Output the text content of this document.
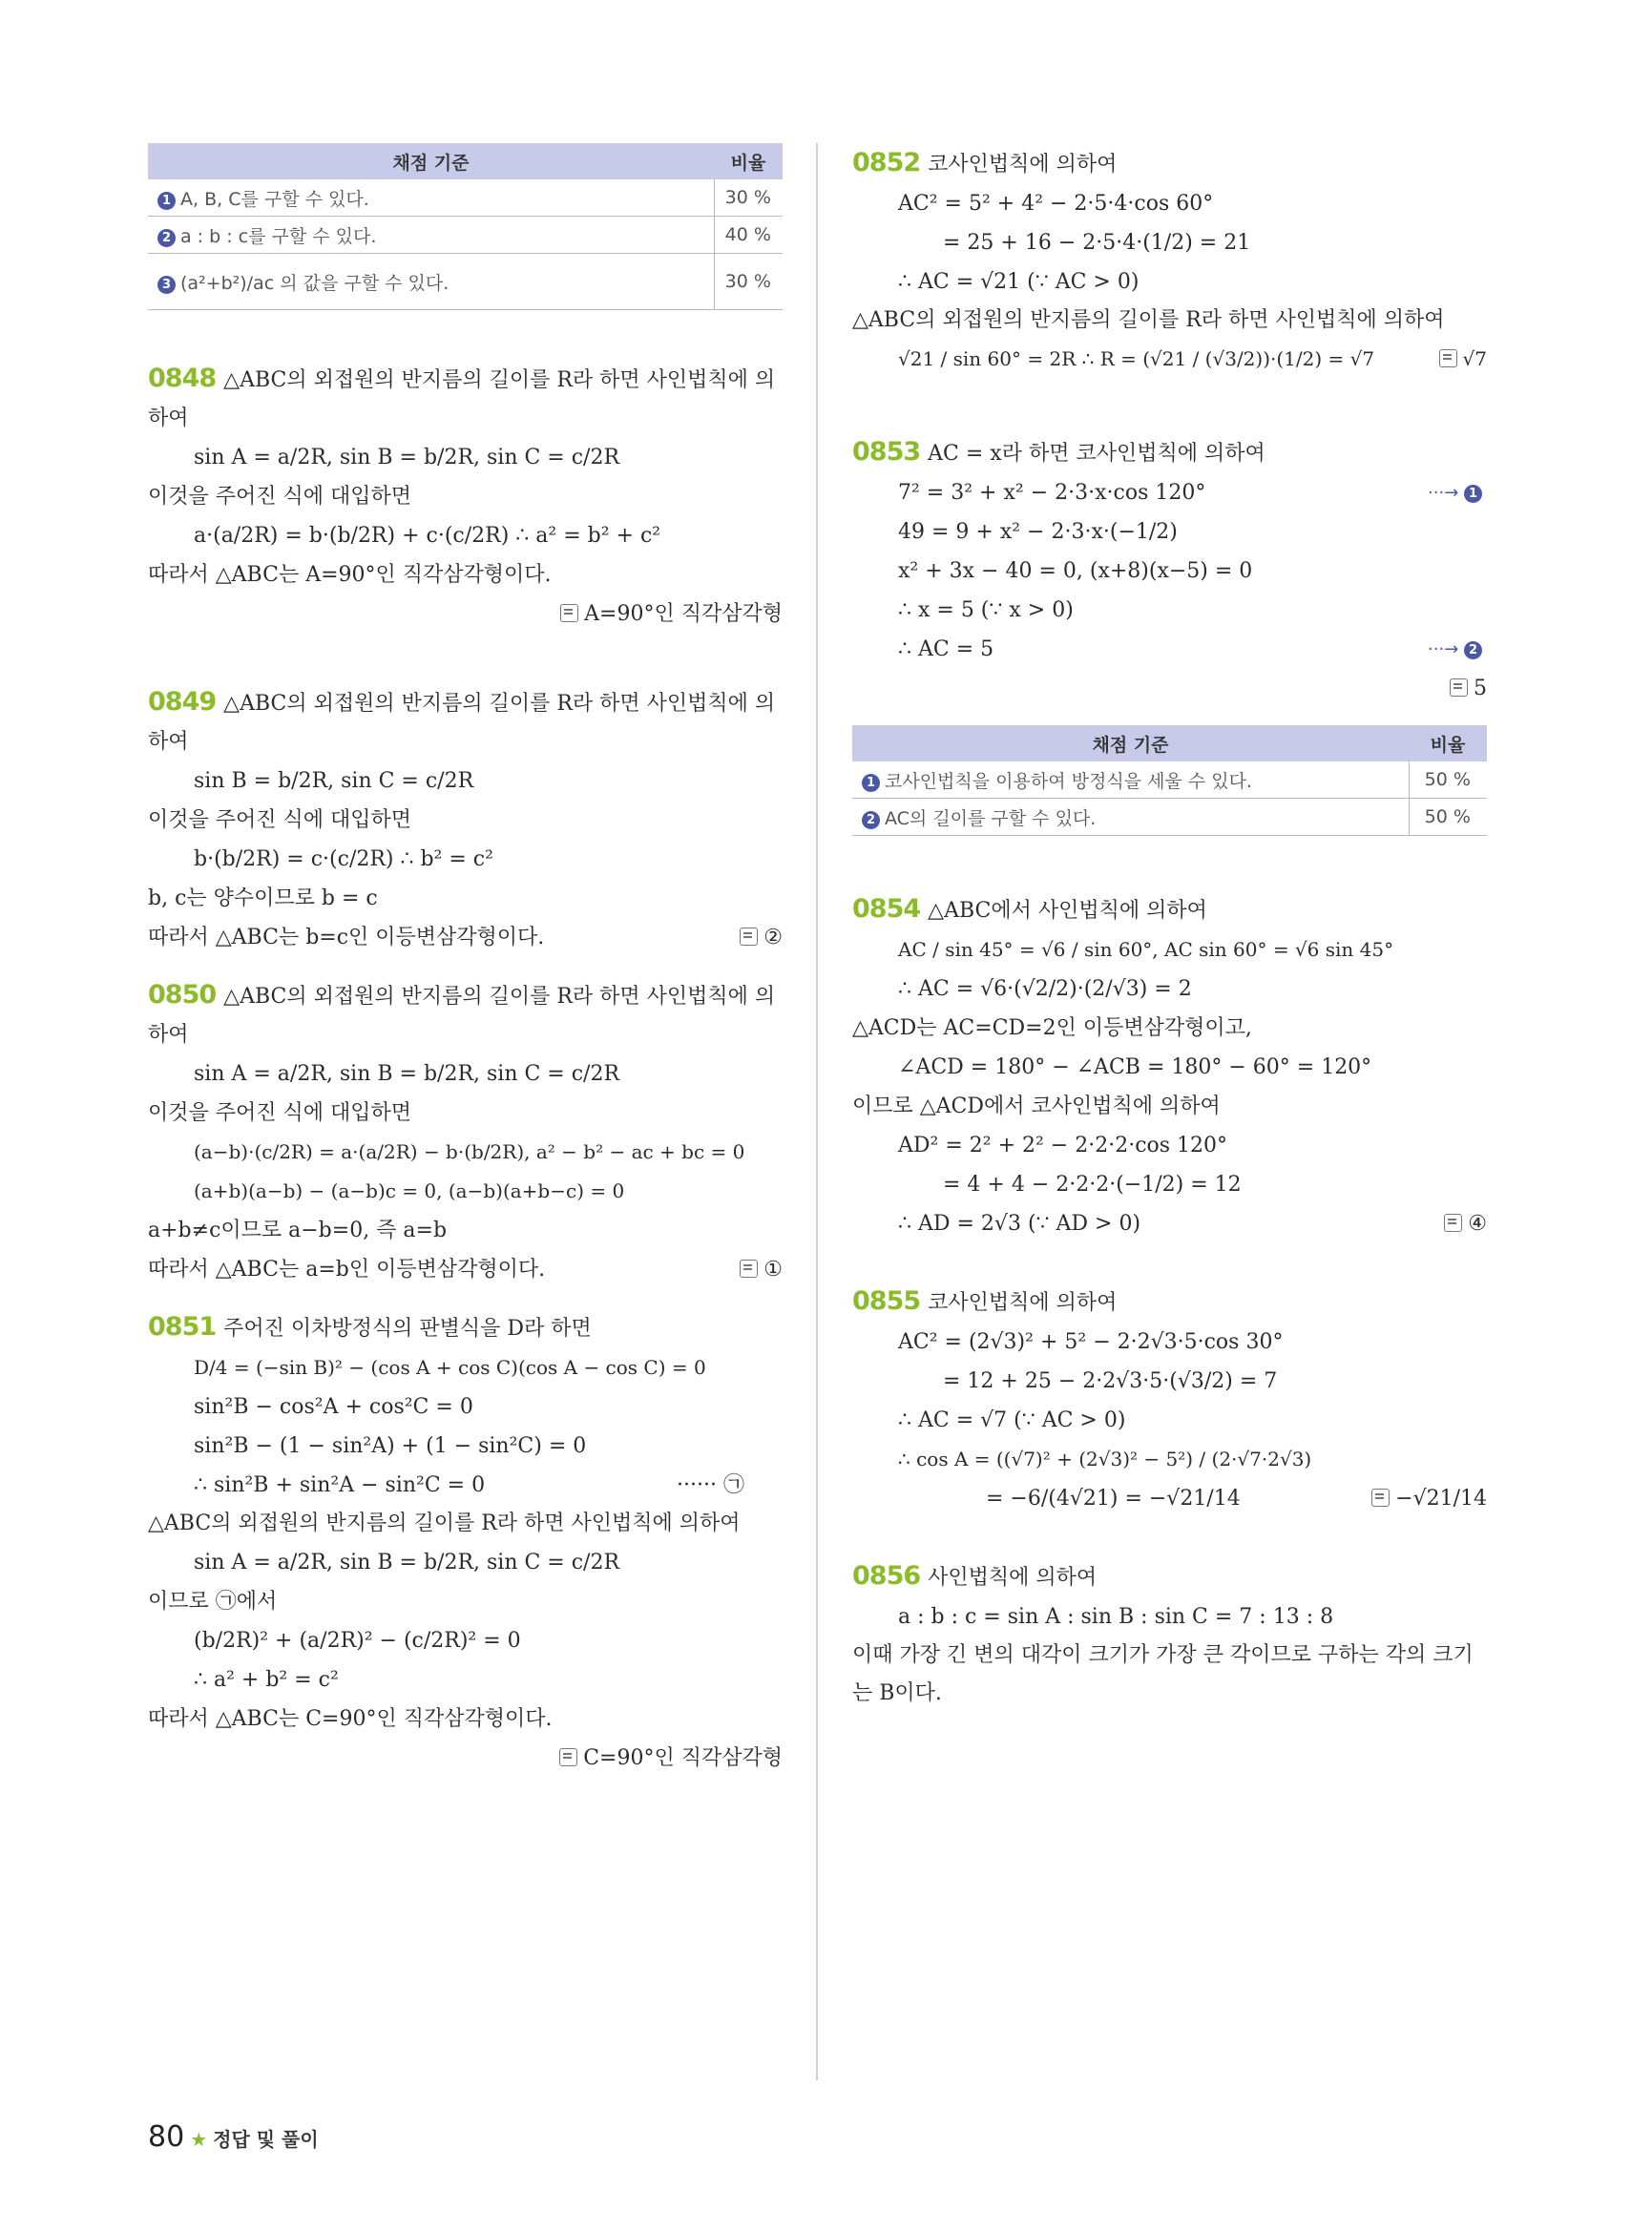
채점 기준	비율
1 A, B, C를 구할 수 있다.	30 %
2 a : b : c를 구할 수 있다.	40 %
3 (a²+b²)/ac 의 값을 구할 수 있다.	30 %
0848 △ABC의 외접원의 반지름의 길이를 R라 하면 사인법칙에 의하여
sin A = a/2R, sin B = b/2R, sin C = c/2R
이것을 주어진 식에 대입하면
a·(a/2R) = b·(b/2R) + c·(c/2R) ∴ a² = b² + c²
따라서 △ABC는 A=90°인 직각삼각형이다.
A=90°인 직각삼각형
0849 △ABC의 외접원의 반지름의 길이를 R라 하면 사인법칙에 의하여
sin B = b/2R, sin C = c/2R
이것을 주어진 식에 대입하면
b·(b/2R) = c·(c/2R) ∴ b² = c²
b, c는 양수이므로 b = c
따라서 △ABC는 b=c인 이등변삼각형이다.	②
0850 △ABC의 외접원의 반지름의 길이를 R라 하면 사인법칙에 의하여
sin A = a/2R, sin B = b/2R, sin C = c/2R
이것을 주어진 식에 대입하면
(a−b)·(c/2R) = a·(a/2R) − b·(b/2R), a² − b² − ac + bc = 0
(a+b)(a−b) − (a−b)c = 0, (a−b)(a+b−c) = 0
a+b≠c이므로 a−b=0, 즉 a=b
따라서 △ABC는 a=b인 이등변삼각형이다.	①
0851 주어진 이차방정식의 판별식을 D라 하면
D/4 = (−sin B)² − (cos A + cos C)(cos A − cos C) = 0
sin²B − cos²A + cos²C = 0
sin²B − (1 − sin²A) + (1 − sin²C) = 0
∴ sin²B + sin²A − sin²C = 0	······ ㉠
△ABC의 외접원의 반지름의 길이를 R라 하면 사인법칙에 의하여
sin A = a/2R, sin B = b/2R, sin C = c/2R
이므로 ㉠에서
(b/2R)² + (a/2R)² − (c/2R)² = 0
∴ a² + b² = c²
따라서 △ABC는 C=90°인 직각삼각형이다.
C=90°인 직각삼각형
0852 코사인법칙에 의하여
AC² = 5² + 4² − 2·5·4·cos 60°
= 25 + 16 − 2·5·4·(1/2) = 21
∴ AC = √21 (∵ AC > 0)
△ABC의 외접원의 반지름의 길이를 R라 하면 사인법칙에 의하여
√21 / sin 60° = 2R ∴ R = (√21 / (√3/2))·(1/2) = √7	√7
0853 AC = x라 하면 코사인법칙에 의하여
7² = 3² + x² − 2·3·x·cos 120°	···→ 1
49 = 9 + x² − 2·3·x·(−1/2)
x² + 3x − 40 = 0, (x+8)(x−5) = 0
∴ x = 5 (∵ x > 0)
∴ AC = 5	···→ 2
5
채점 기준	비율
1 코사인법칙을 이용하여 방정식을 세울 수 있다.	50 %
2 AC의 길이를 구할 수 있다.	50 %
0854 △ABC에서 사인법칙에 의하여
AC / sin 45° = √6 / sin 60°, AC sin 60° = √6 sin 45°
∴ AC = √6·(√2/2)·(2/√3) = 2
△ACD는 AC=CD=2인 이등변삼각형이고,
∠ACD = 180° − ∠ACB = 180° − 60° = 120°
이므로 △ACD에서 코사인법칙에 의하여
AD² = 2² + 2² − 2·2·2·cos 120°
= 4 + 4 − 2·2·2·(−1/2) = 12
∴ AD = 2√3 (∵ AD > 0)	④
0855 코사인법칙에 의하여
AC² = (2√3)² + 5² − 2·2√3·5·cos 30°
= 12 + 25 − 2·2√3·5·(√3/2) = 7
∴ AC = √7 (∵ AC > 0)
∴ cos A = ((√7)² + (2√3)² − 5²) / (2·√7·2√3)
= −6/(4√21) = −√21/14	−√21/14
0856 사인법칙에 의하여
a : b : c = sin A : sin B : sin C = 7 : 13 : 8
이때 가장 긴 변의 대각이 크기가 가장 큰 각이므로 구하는 각의 크기는 B이다.
80 ★ 정답 및 풀이
